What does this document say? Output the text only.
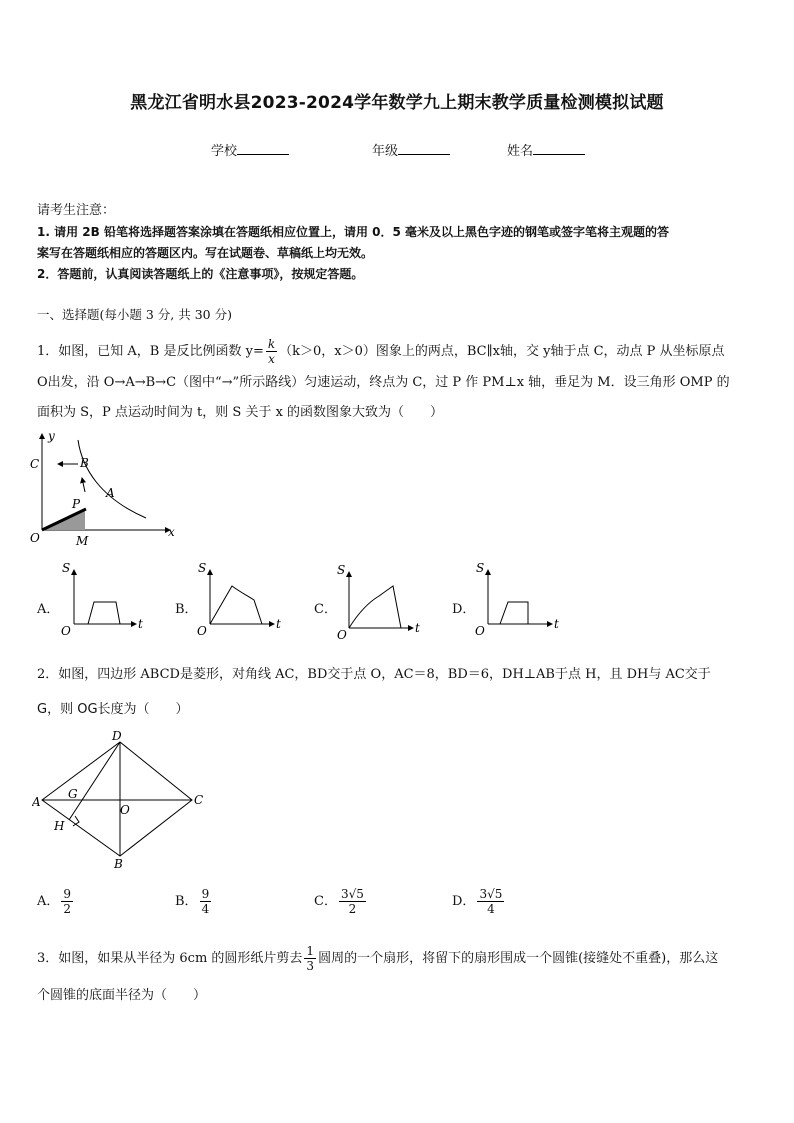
黑龙江省明水县2023-2024学年数学九上期末教学质量检测模拟试题
学校	年级	姓名
请考生注意：
1. 请用 2B 铅笔将选择题答案涂填在答题纸相应位置上，请用 0．5 毫米及以上黑色字迹的钢笔或签字笔将主观题的答
案写在答题纸相应的答题区内。写在试题卷、草稿纸上均无效。
2．答题前，认真阅读答题纸上的《注意事项》，按规定答题。
一、选择题(每小题 3 分, 共 30 分)
1．如图，已知 A，B 是反比例函数 $y= \frac{k}{x} (k>0$，x＞0）图象上的两点，BC∥x轴，交 y轴于点 C，动点 P 从坐标原点
O出发，沿 O→A→B→C（图中“→”所示路线）匀速运动，终点为 C，过 P 作 PM⊥x 轴，垂足为 M．设三角形 OMP 的
面积为 S，P 点运动时间为 t，则 S 关于 x 的函数图象大致为（　　）
y
x
C	B
A
P
O	M
A．
S
O	t
B．
S
O	t
C．
S
O	t
D．
S
O	t
2．如图，四边形 ABCD是菱形，对角线 AC，BD交于点 O，AC＝8，BD＝6，DH⊥AB于点 H，且 DH与 AC交于
G，则 OG长度为（　　）
D
A
G
O
C
H
B
A． $\frac{9}{2}$	B． $\frac{9}{4}$	C． $\frac{3√5}{2}$	D． $\frac{3√5}{4}$
3．如图，如果从半径为 6cm 的圆形纸片剪去 $\frac{1}{3}$ 圆周的一个扇形，将留下的扇形围成一个圆锥(接缝处不重叠)，那么这
个圆锥的底面半径为（　　）
